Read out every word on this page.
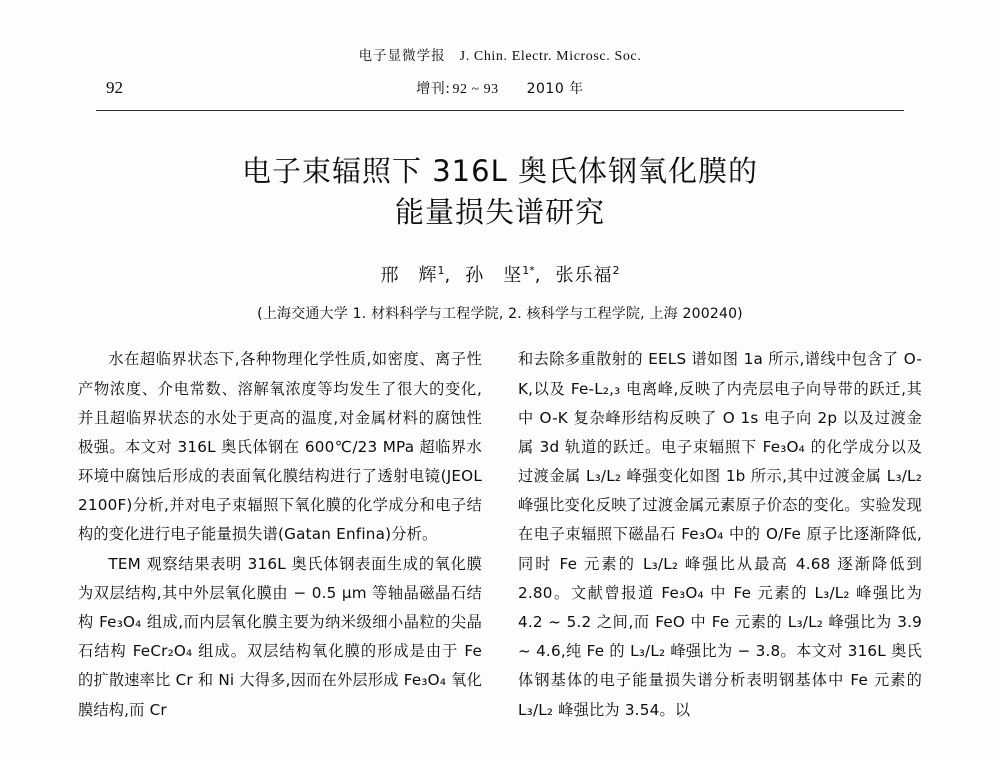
电子显微学报 J. Chin. Electr. Microsc. Soc.
92	增刊: 92 ~ 93 2010 年
电子束辐照下 316L 奥氏体钢氧化膜的
能量损失谱研究
邢　辉$^1$, 孙　坚$^{1*}$, 张乐福$^2$
(上海交通大学 1. 材料科学与工程学院, 2. 核科学与工程学院, 上海 200240)

水在超临界状态下,各种物理化学性质,如密度、离子性产物浓度、介电常数、溶解氧浓度等均发生了很大的变化,并且超临界状态的水处于更高的温度,对金属材料的腐蚀性极强。本文对 316L 奥氏体钢在 600℃/23 MPa 超临界水环境中腐蚀后形成的表面氧化膜结构进行了透射电镜(JEOL 2100F)分析,并对电子束辐照下氧化膜的化学成分和电子结构的变化进行电子能量损失谱(Gatan Enfina)分析。

TEM 观察结果表明 316L 奥氏体钢表面生成的氧化膜为双层结构,其中外层氧化膜由 − 0.5 μm 等轴晶磁晶石结构 Fe₃O₄ 组成,而内层氧化膜主要为纳米级细小晶粒的尖晶石结构 FeCr₂O₄ 组成。双层结构氧化膜的形成是由于 Fe 的扩散速率比 Cr 和 Ni 大得多,因而在外层形成 Fe₃O₄ 氧化膜结构,而 Cr

和去除多重散射的 EELS 谱如图 1a 所示,谱线中包含了 O-K,以及 Fe-L₂,₃ 电离峰,反映了内壳层电子向导带的跃迁,其中 O-K 复杂峰形结构反映了 O 1s 电子向 2p 以及过渡金属 3d 轨道的跃迁。电子束辐照下 Fe₃O₄ 的化学成分以及过渡金属 L₃/L₂ 峰强变化如图 1b 所示,其中过渡金属 L₃/L₂ 峰强比变化反映了过渡金属元素原子价态的变化。实验发现在电子束辐照下磁晶石 Fe₃O₄ 中的 O/Fe 原子比逐渐降低,同时 Fe 元素的 L₃/L₂ 峰强比从最高 4.68 逐渐降低到 2.80。文献曾报道 Fe₃O₄ 中 Fe 元素的 L₃/L₂ 峰强比为 4.2 ~ 5.2 之间,而 FeO 中 Fe 元素的 L₃/L₂ 峰强比为 3.9 ~ 4.6,纯 Fe 的 L₃/L₂ 峰强比为 − 3.8。本文对 316L 奥氏体钢基体的电子能量损失谱分析表明钢基体中 Fe 元素的 L₃/L₂ 峰强比为 3.54。以
